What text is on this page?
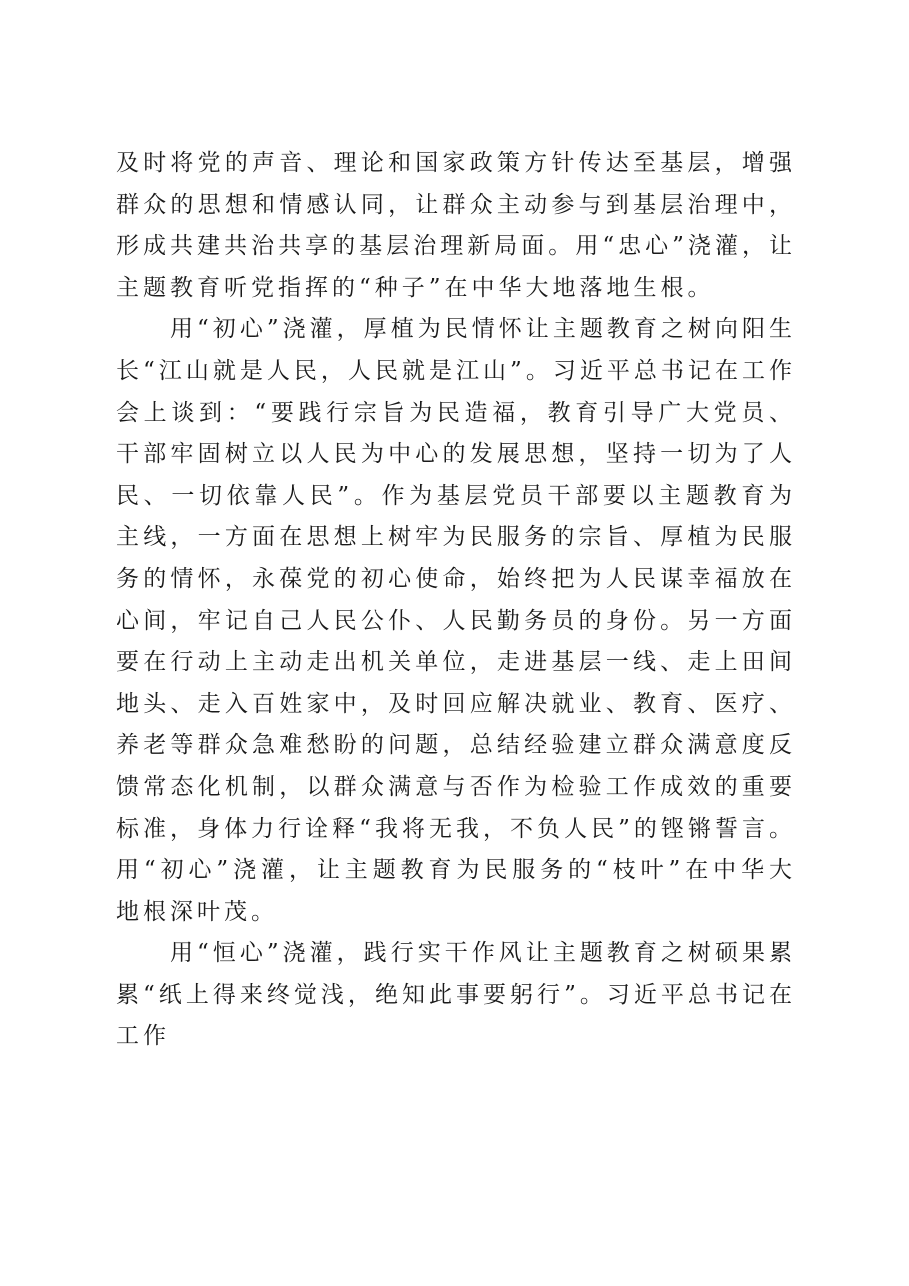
及时将党的声音、理论和国家政策方针传达至基层，增强群众的思想和情感认同，让群众主动参与到基层治理中，形成共建共治共享的基层治理新局面。用“忠心”浇灌，让主题教育听党指挥的“种子”在中华大地落地生根。

用“初心”浇灌，厚植为民情怀让主题教育之树向阳生长“江山就是人民，人民就是江山”。习近平总书记在工作会上谈到：“要践行宗旨为民造福，教育引导广大党员、干部牢固树立以人民为中心的发展思想，坚持一切为了人民、一切依靠人民”。作为基层党员干部要以主题教育为主线，一方面在思想上树牢为民服务的宗旨、厚植为民服务的情怀，永葆党的初心使命，始终把为人民谋幸福放在心间，牢记自己人民公仆、人民勤务员的身份。另一方面要在行动上主动走出机关单位，走进基层一线、走上田间地头、走入百姓家中，及时回应解决就业、教育、医疗、养老等群众急难愁盼的问题，总结经验建立群众满意度反馈常态化机制，以群众满意与否作为检验工作成效的重要标准，身体力行诠释“我将无我，不负人民”的铿锵誓言。用“初心”浇灌，让主题教育为民服务的“枝叶”在中华大地根深叶茂。

用“恒心”浇灌，践行实干作风让主题教育之树硕果累累“纸上得来终觉浅，绝知此事要躬行”。习近平总书记在工作
